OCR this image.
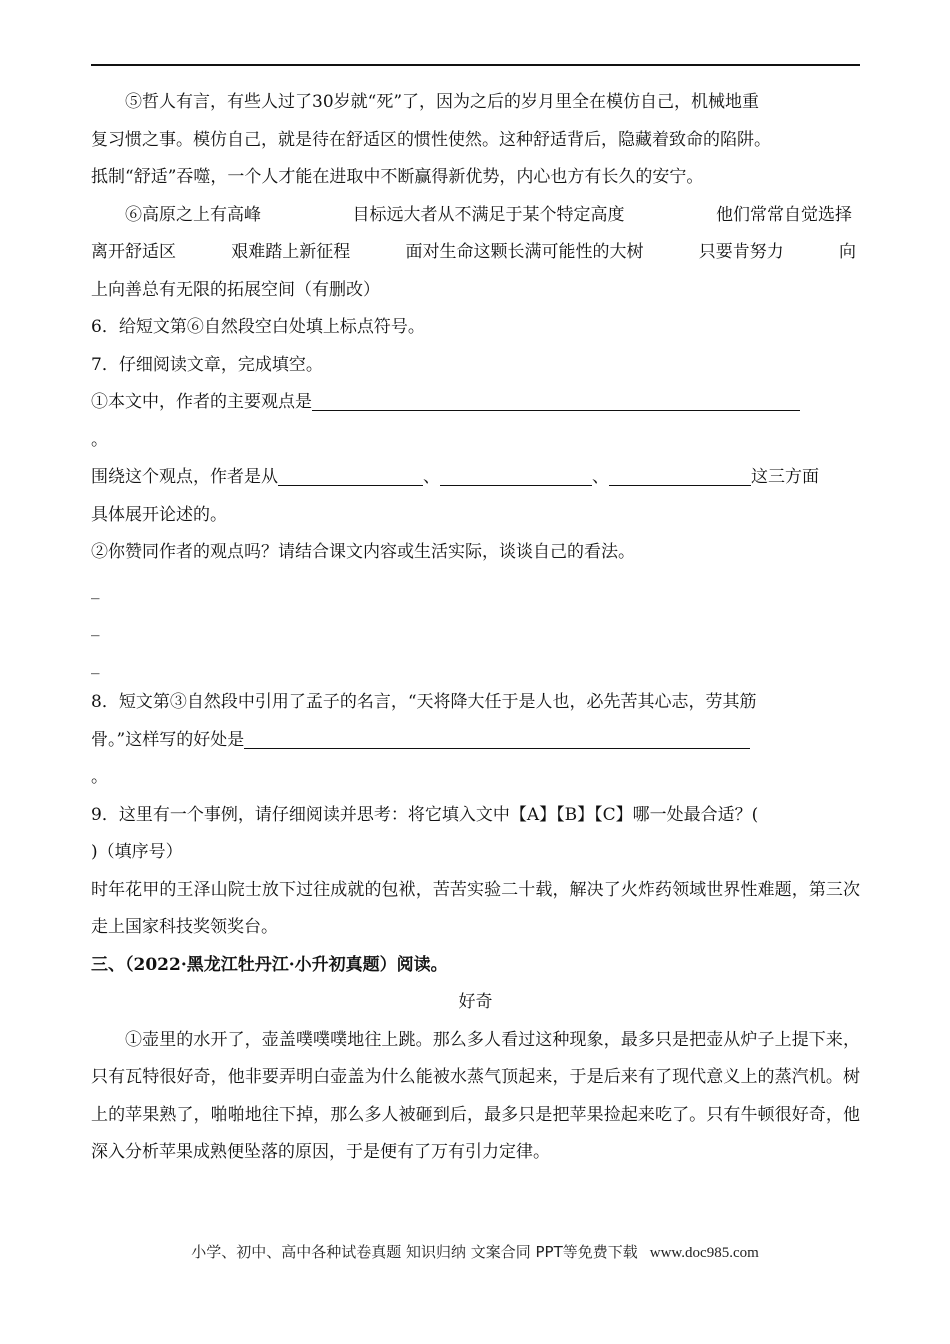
⑤哲人有言，有些人过了30岁就“死”了，因为之后的岁月里全在模仿自己，机械地重
复习惯之事。模仿自己，就是待在舒适区的惯性使然。这种舒适背后，隐藏着致命的陷阱。
抵制“舒适”吞噬，一个人才能在进取中不断赢得新优势，内心也方有长久的安宁。

⑥高原之上有高峰	目标远大者从不满足于某个特定高度	他们常常自觉选择
离开舒适区	艰难踏上新征程	面对生命这颗长满可能性的大树	只要肯努力	向

上向善总有无限的拓展空间（有删改）

6．给短文第⑥自然段空白处填上标点符号。

7．仔细阅读文章，完成填空。

①本文中，作者的主要观点是

。

围绕这个观点，作者是从	、	、	这三方面

具体展开论述的。

②你赞同作者的观点吗？请结合课文内容或生活实际，谈谈自己的看法。

_
_
_

8．短文第③自然段中引用了孟子的名言，“天将降大任于是人也，必先苦其心志，劳其筋

骨。”这样写的好处是

。

9．这里有一个事例，请仔细阅读并思考：将它填入文中【A】【B】【C】哪一处最合适？(

)（填序号）

时年花甲的王泽山院士放下过往成就的包袱，苦苦实验二十载，解决了火炸药领域世界性难题，第三次走上国家科技奖领奖台。

三、（2022·黑龙江牡丹江·小升初真题）阅读。

好奇

①壶里的水开了，壶盖噗噗噗地往上跳。那么多人看过这种现象，最多只是把壶从炉子上提下来，只有瓦特很好奇，他非要弄明白壶盖为什么能被水蒸气顶起来，于是后来有了现代意义上的蒸汽机。树上的苹果熟了，啪啪地往下掉，那么多人被砸到后，最多只是把苹果捡起来吃了。只有牛顿很好奇，他深入分析苹果成熟便坠落的原因，于是便有了万有引力定律。

小学、初中、高中各种试卷真题 知识归纳 文案合同 PPT等免费下载 www.doc985.com
